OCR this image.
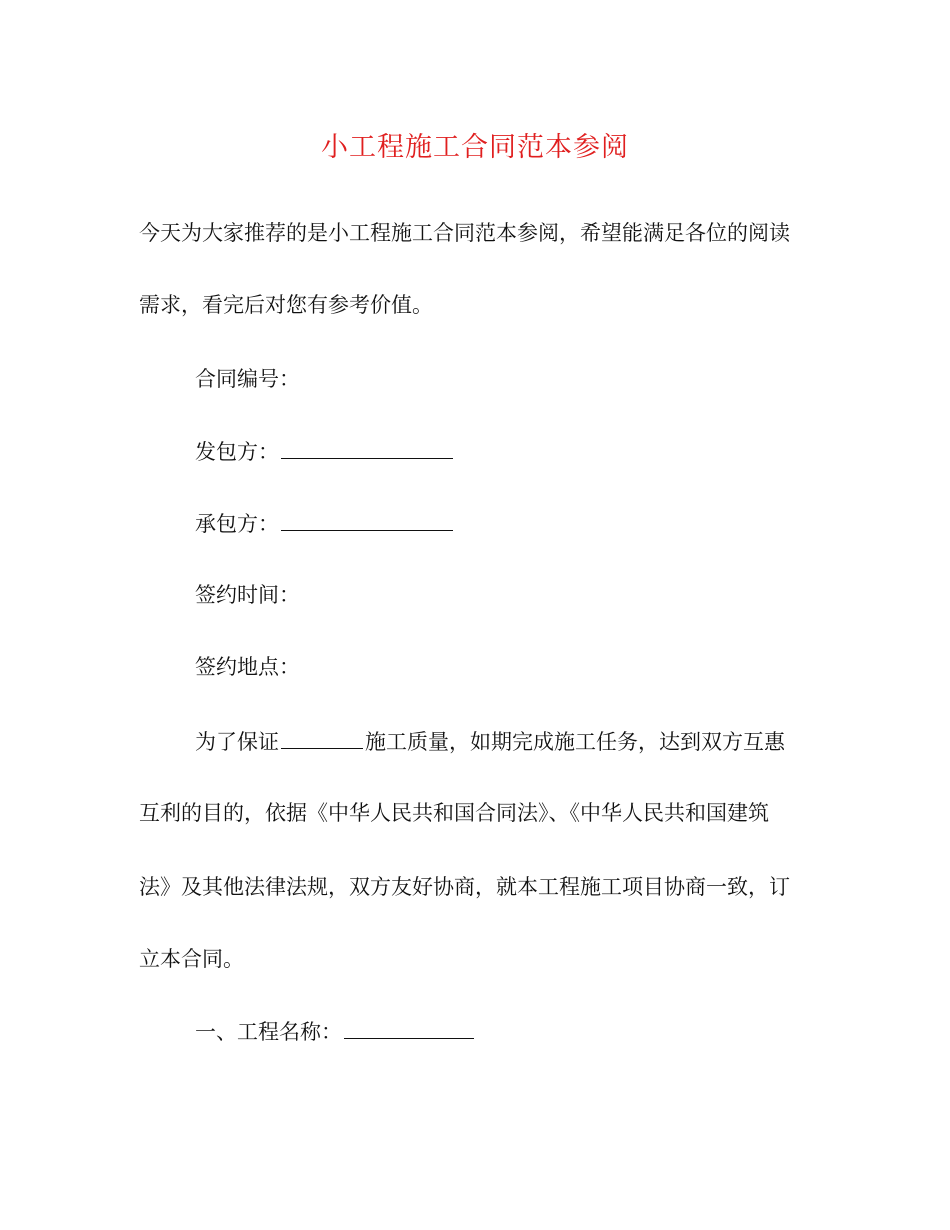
小工程施工合同范本参阅
今天为大家推荐的是小工程施工合同范本参阅，希望能满足各位的阅读
需求，看完后对您有参考价值。
合同编号：
发包方：
承包方：
签约时间：
签约地点：
为了保证	施工质量，如期完成施工任务，达到双方互惠
互利的目的，依据《中华人民共和国合同法》、《中华人民共和国建筑
法》及其他法律法规，双方友好协商，就本工程施工项目协商一致，订
立本合同。
一、工程名称：
